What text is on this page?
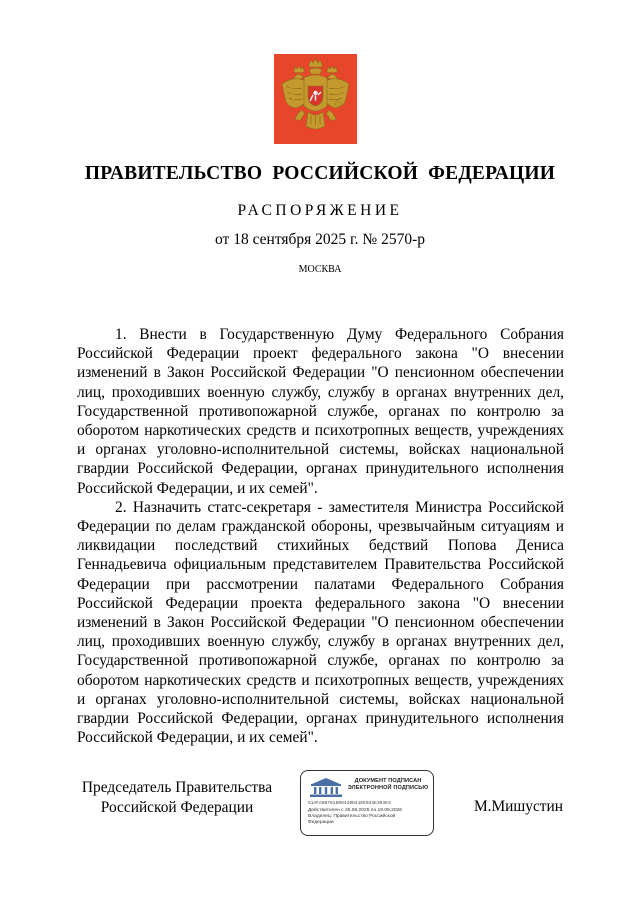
ПРАВИТЕЛЬСТВО РОССИЙСКОЙ ФЕДЕРАЦИИ
РАСПОРЯЖЕНИЕ
от 18 сентября 2025 г. № 2570-р
МОСКВА

1. Внести в Государственную Думу Федерального Собрания Российской Федерации проект федерального закона "О внесении изменений в Закон Российской Федерации "О пенсионном обеспечении лиц, проходивших военную службу, службу в органах внутренних дел, Государственной противопожарной службе, органах по контролю за оборотом наркотических средств и психотропных веществ, учреждениях и органах уголовно-исполнительной системы, войсках национальной гвардии Российской Федерации, органах принудительного исполнения Российской Федерации, и их семей".

2. Назначить статс-секретаря - заместителя Министра Российской Федерации по делам гражданской обороны, чрезвычайным ситуациям и ликвидации последствий стихийных бедствий Попова Дениса Геннадьевича официальным представителем Правительства Российской Федерации при рассмотрении палатами Федерального Собрания Российской Федерации проекта федерального закона "О внесении изменений в Закон Российской Федерации "О пенсионном обеспечении лиц, проходивших военную службу, службу в органах внутренних дел, Государственной противопожарной службе, органах по контролю за оборотом наркотических средств и психотропных веществ, учреждениях и органах уголовно-исполнительной системы, войсках национальной гвардии Российской Федерации, органах принудительного исполнения Российской Федерации, и их семей".

Председатель Правительства
Российской Федерации
ДОКУМЕНТ ПОДПИСАН
ЭЛЕКТРОННОЙ ПОДПИСЬЮ
51AFA8B781D06420D41EE043E303E3
Действителен с 26.06.2025 по 19.09.2026
Владелец: Правительство Российской
Федерации
М.Мишустин
